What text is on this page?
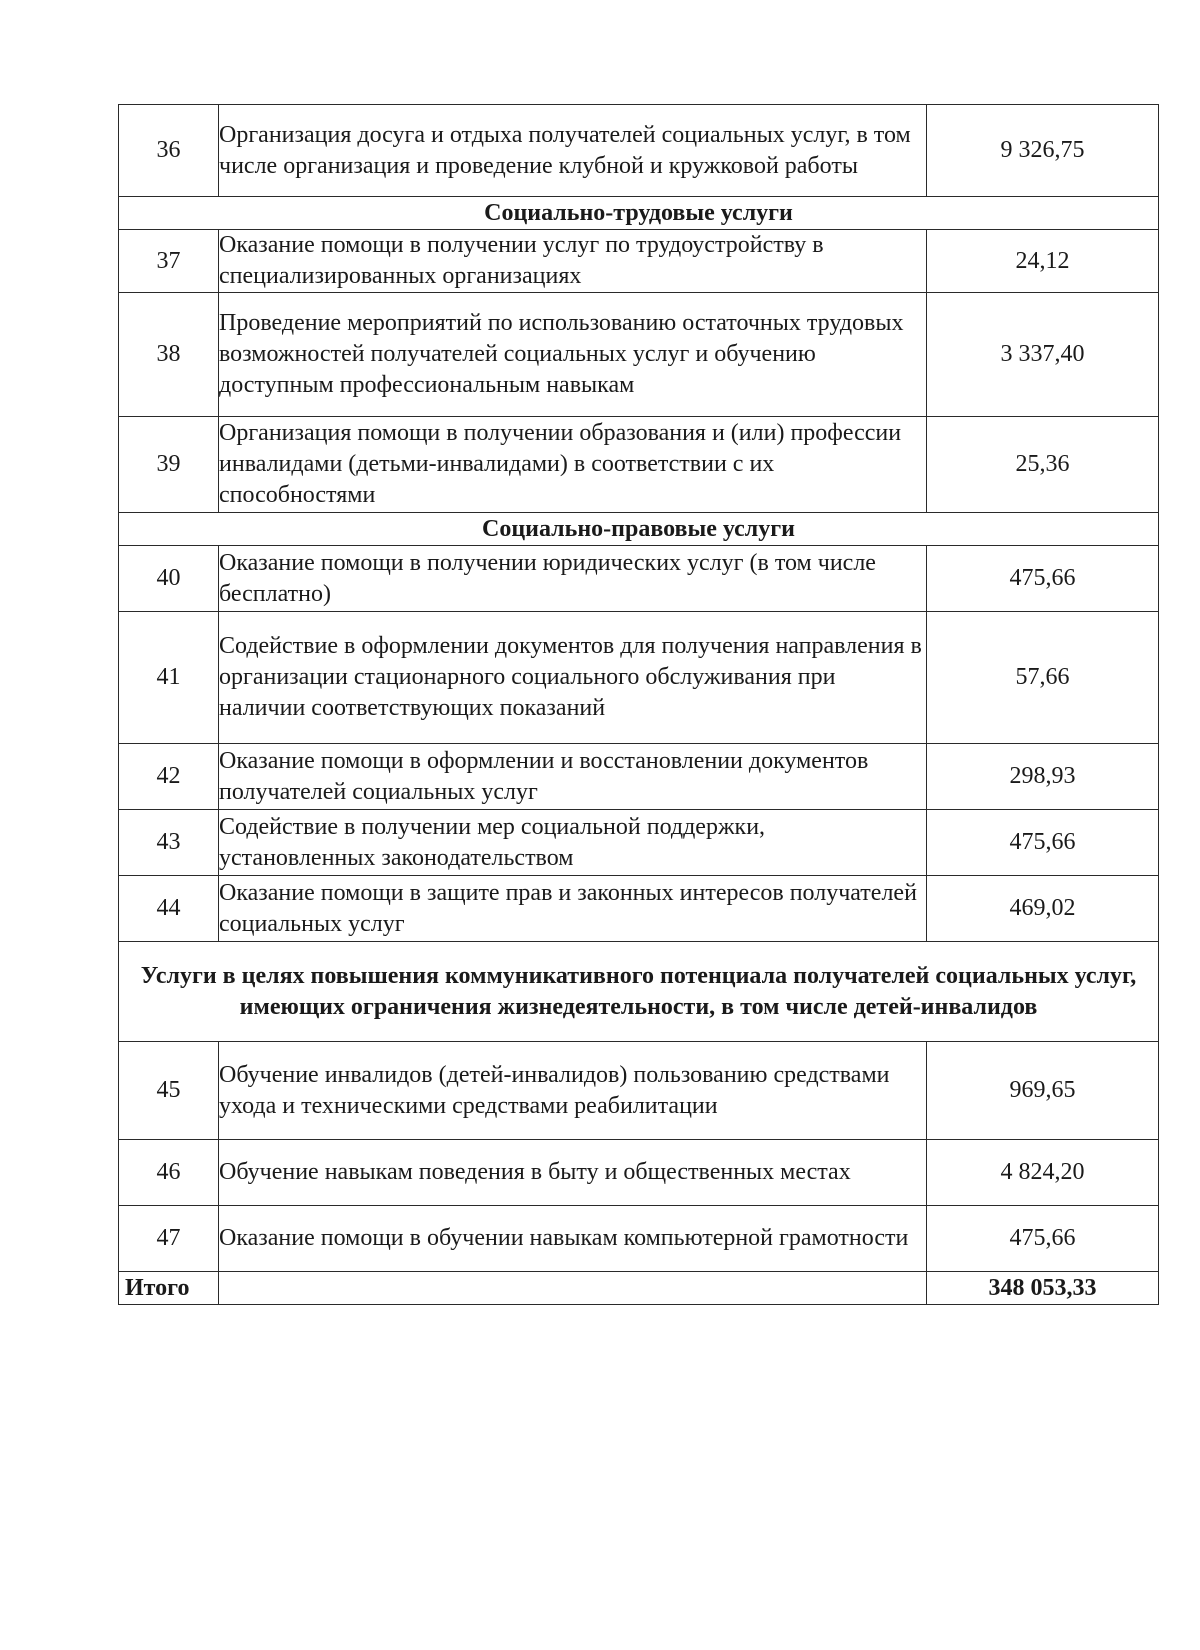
36	Организация досуга и отдыха получателей социальных услуг, в том числе организация и проведение клубной и кружковой работы	9 326,75
Социально-трудовые услуги		
37	Оказание помощи в получении услуг по трудоустройству в специализированных организациях	24,12
38	Проведение мероприятий по использованию остаточных трудовых возможностей получателей социальных услуг и обучению доступным профессиональным навыкам	3 337,40
39	Организация помощи в получении образования и (или) профессии инвалидами (детьми-инвалидами) в соответствии с их способностями	25,36
Социально-правовые услуги		
40	Оказание помощи в получении юридических услуг (в том числе бесплатно)	475,66
41	Содействие в оформлении документов для получения направления в организации стационарного социального обслуживания при наличии соответствующих показаний	57,66
42	Оказание помощи в оформлении и восстановлении документов получателей социальных услуг	298,93
43	Содействие в получении мер социальной поддержки, установленных законодательством	475,66
44	Оказание помощи в защите прав и законных интересов получателей социальных услуг	469,02
Услуги в целях повышения коммуникативного потенциала получателей социальных услуг, имеющих ограничения жизнедеятельности, в том числе детей-инвалидов		
45	Обучение инвалидов (детей-инвалидов) пользованию средствами ухода и техническими средствами реабилитации	969,65
46	Обучение навыкам поведения в быту и общественных местах	4 824,20
47	Оказание помощи в обучении навыкам компьютерной грамотности	475,66
Итого		348 053,33
